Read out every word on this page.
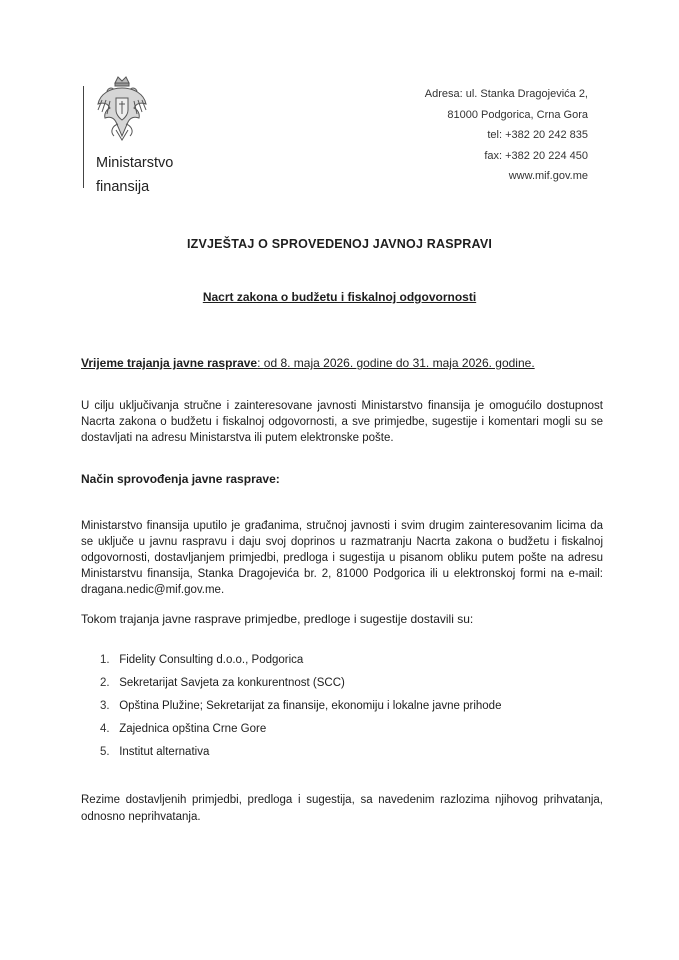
Ministarstvo
finansija
Adresa: ul. Stanka Dragojevića 2,
81000 Podgorica, Crna Gora
tel: +382 20 242 835
fax: +382 20 224 450
www.mif.gov.me
IZVJEŠTAJ O SPROVEDENOJ JAVNOJ RASPRAVI
Nacrt zakona o budžetu i fiskalnoj odgovornosti
Vrijeme trajanja javne rasprave: od 8. maja 2026. godine do 31. maja 2026. godine.
U cilju uključivanja stručne i zainteresovane javnosti Ministarstvo finansija je omogućilo dostupnost Nacrta zakona o budžetu i fiskalnoj odgovornosti, a sve primjedbe, sugestije i komentari mogli su se dostavljati na adresu Ministarstva ili putem elektronske pošte.
Način sprovođenja javne rasprave:
Ministarstvo finansija uputilo je građanima, stručnoj javnosti i svim drugim zainteresovanim licima da se uključe u javnu raspravu i daju svoj doprinos u razmatranju Nacrta zakona o budžetu i fiskalnoj odgovornosti, dostavljanjem primjedbi, predloga i sugestija u pisanom obliku putem pošte na adresu Ministarstvu finansija, Stanka Dragojevića br. 2, 81000 Podgorica ili u elektronskoj formi na e-mail: dragana.nedic@mif.gov.me.
Tokom trajanja javne rasprave primjedbe, predloge i sugestije dostavili su:
1. Fidelity Consulting d.o.o., Podgorica
2. Sekretarijat Savjeta za konkurentnost (SCC)
3. Opština Plužine; Sekretarijat za finansije, ekonomiju i lokalne javne prihode
4. Zajednica opština Crne Gore
5. Institut alternativa
Rezime dostavljenih primjedbi, predloga i sugestija, sa navedenim razlozima njihovog prihvatanja, odnosno neprihvatanja.
